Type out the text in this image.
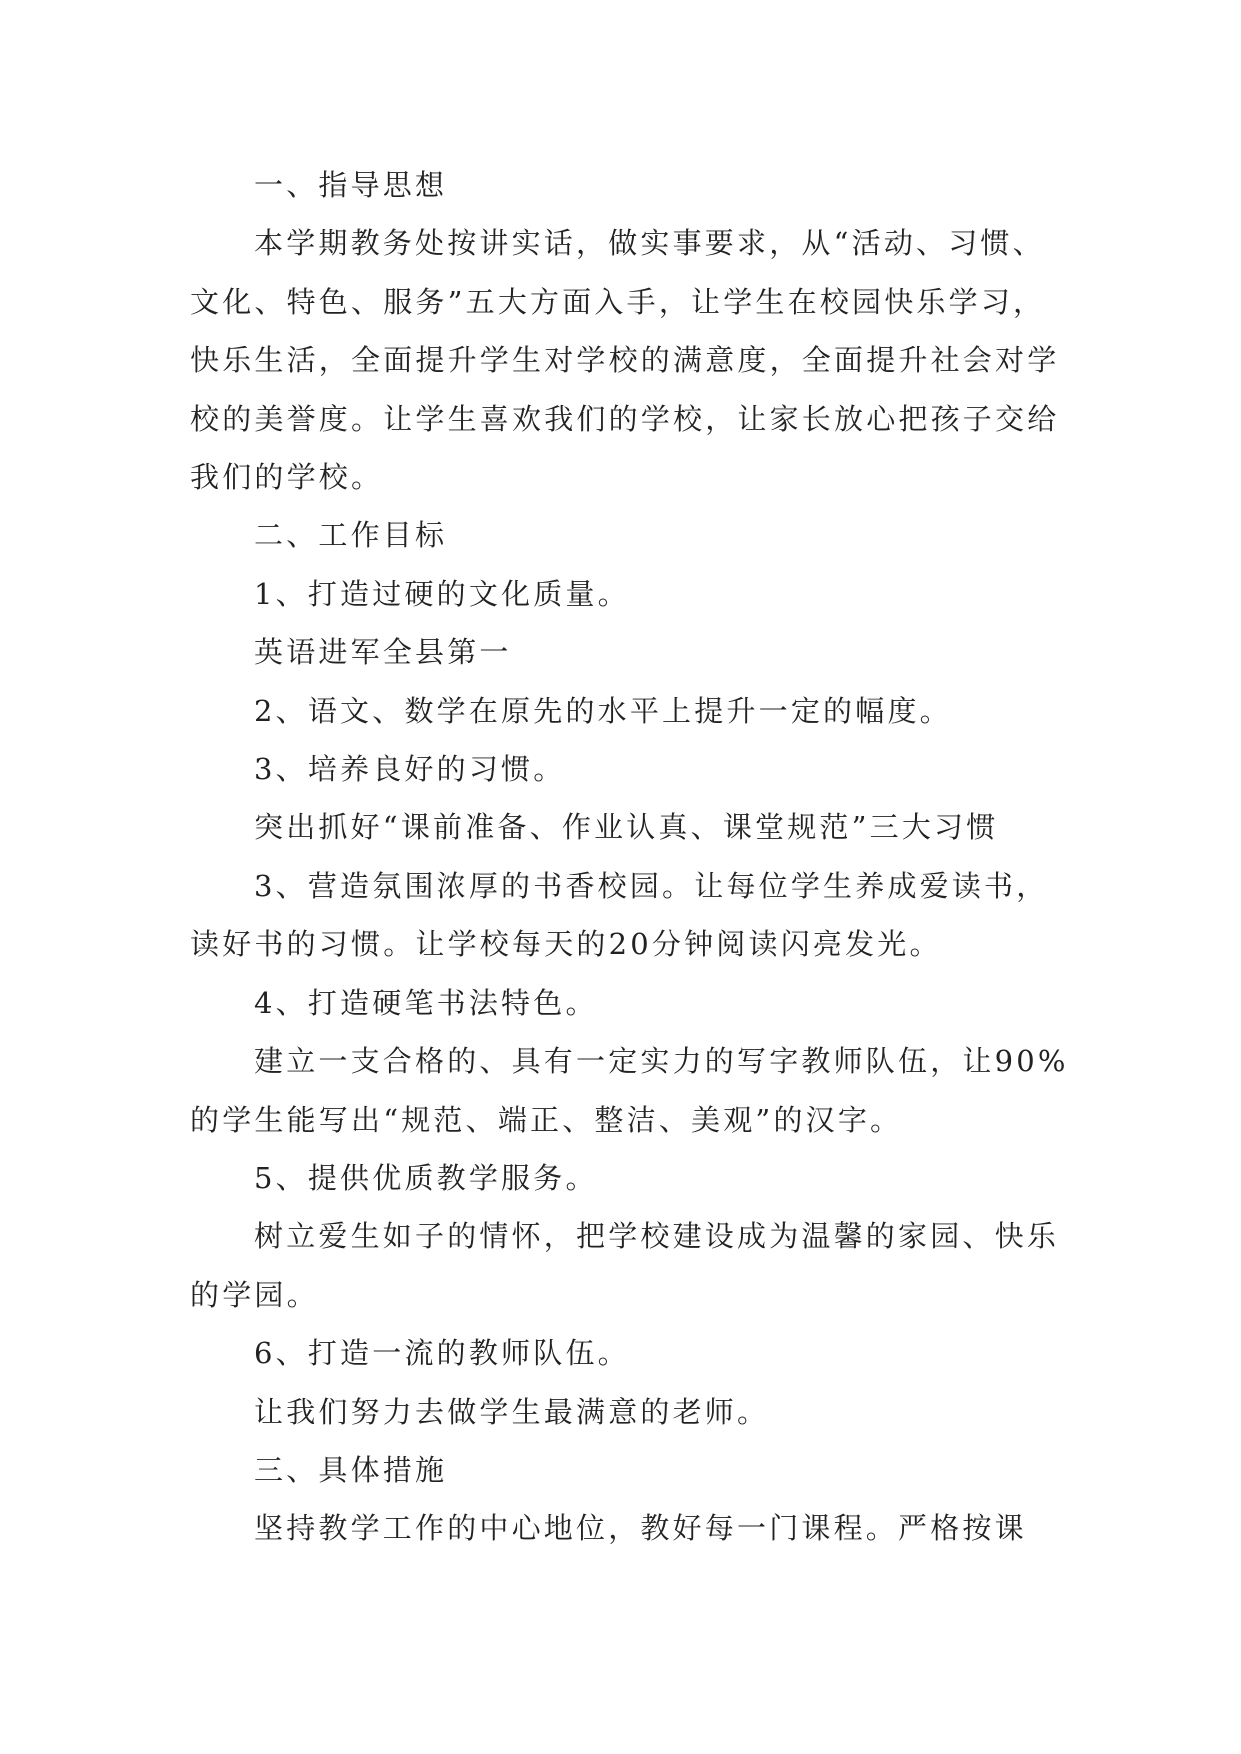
一、指导思想

本学期教务处按讲实话，做实事要求，从“活动、习惯、文化、特色、服务”五大方面入手，让学生在校园快乐学习，快乐生活，全面提升学生对学校的满意度，全面提升社会对学校的美誉度。让学生喜欢我们的学校，让家长放心把孩子交给我们的学校。

二、工作目标

1、打造过硬的文化质量。

英语进军全县第一

2、语文、数学在原先的水平上提升一定的幅度。

3、培养良好的习惯。

突出抓好“课前准备、作业认真、课堂规范”三大习惯

3、营造氛围浓厚的书香校园。让每位学生养成爱读书，读好书的习惯。让学校每天的20分钟阅读闪亮发光。

4、打造硬笔书法特色。

建立一支合格的、具有一定实力的写字教师队伍，让90%的学生能写出“规范、端正、整洁、美观”的汉字。

5、提供优质教学服务。

树立爱生如子的情怀，把学校建设成为温馨的家园、快乐的学园。

6、打造一流的教师队伍。

让我们努力去做学生最满意的老师。

三、具体措施

坚持教学工作的中心地位，教好每一门课程。严格按课
